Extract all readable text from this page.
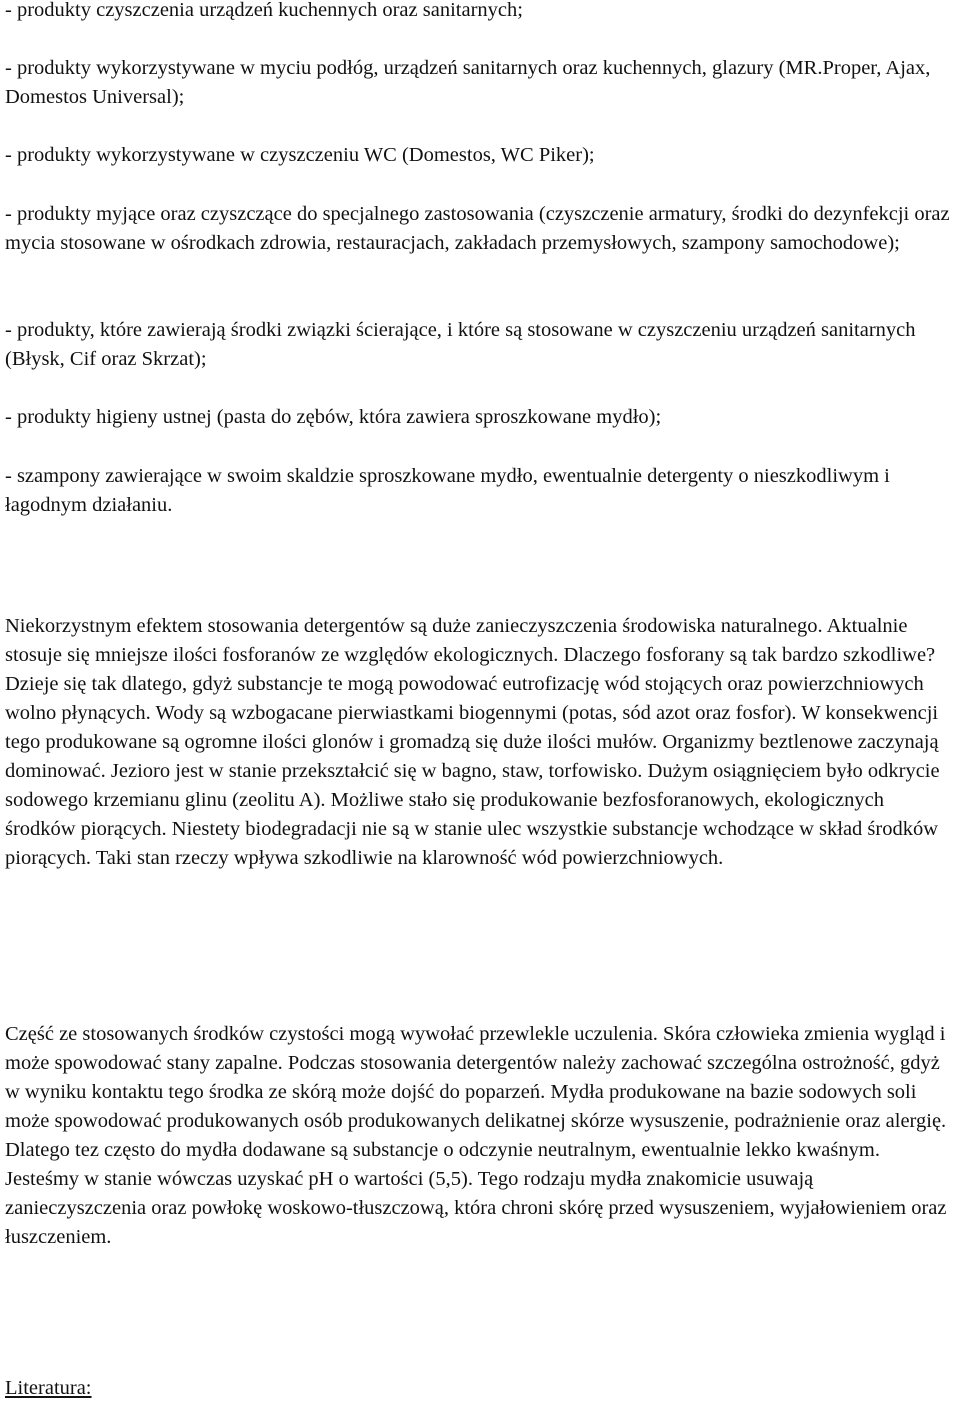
- produkty czyszczenia urządzeń kuchennych oraz sanitarnych;

- produkty wykorzystywane w myciu podłóg, urządzeń sanitarnych oraz kuchennych, glazury (MR.Proper, Ajax, Domestos Universal);

- produkty wykorzystywane w czyszczeniu WC (Domestos, WC Piker);

- produkty myjące oraz czyszczące do specjalnego zastosowania (czyszczenie armatury, środki do dezynfekcji oraz mycia stosowane w ośrodkach zdrowia, restauracjach, zakładach przemysłowych, szampony samochodowe);

- produkty, które zawierają środki związki ścierające, i które są stosowane w czyszczeniu urządzeń sanitarnych (Błysk, Cif oraz Skrzat);

- produkty higieny ustnej (pasta do zębów, która zawiera sproszkowane mydło);

- szampony zawierające w swoim skaldzie sproszkowane mydło, ewentualnie detergenty o nieszkodliwym i łagodnym działaniu.

Niekorzystnym efektem stosowania detergentów są duże zanieczyszczenia środowiska naturalnego. Aktualnie stosuje się mniejsze ilości fosforanów ze względów ekologicznych. Dlaczego fosforany są tak bardzo szkodliwe? Dzieje się tak dlatego, gdyż substancje te mogą powodować eutrofizację wód stojących oraz powierzchniowych wolno płynących. Wody są wzbogacane pierwiastkami biogennymi (potas, sód azot oraz fosfor). W konsekwencji tego produkowane są ogromne ilości glonów i gromadzą się duże ilości mułów. Organizmy beztlenowe zaczynają dominować. Jezioro jest w stanie przekształcić się w bagno, staw, torfowisko. Dużym osiągnięciem było odkrycie sodowego krzemianu glinu (zeolitu A). Możliwe stało się produkowanie bezfosforanowych, ekologicznych środków piorących. Niestety biodegradacji nie są w stanie ulec wszystkie substancje wchodzące w skład środków piorących. Taki stan rzeczy wpływa szkodliwie na klarowność wód powierzchniowych.

Część ze stosowanych środków czystości mogą wywołać przewlekle uczulenia. Skóra człowieka zmienia wygląd i może spowodować stany zapalne. Podczas stosowania detergentów należy zachować szczególna ostrożność, gdyż w wyniku kontaktu tego środka ze skórą może dojść do poparzeń. Mydła produkowane na bazie sodowych soli może spowodować produkowanych osób produkowanych delikatnej skórze wysuszenie, podrażnienie oraz alergię. Dlatego tez często do mydła dodawane są substancje o odczynie neutralnym, ewentualnie lekko kwaśnym. Jesteśmy w stanie wówczas uzyskać pH o wartości (5,5). Tego rodzaju mydła znakomicie usuwają zanieczyszczenia oraz powłokę woskowo-tłuszczową, która chroni skórę przed wysuszeniem, wyjałowieniem oraz łuszczeniem.

Literatura:
